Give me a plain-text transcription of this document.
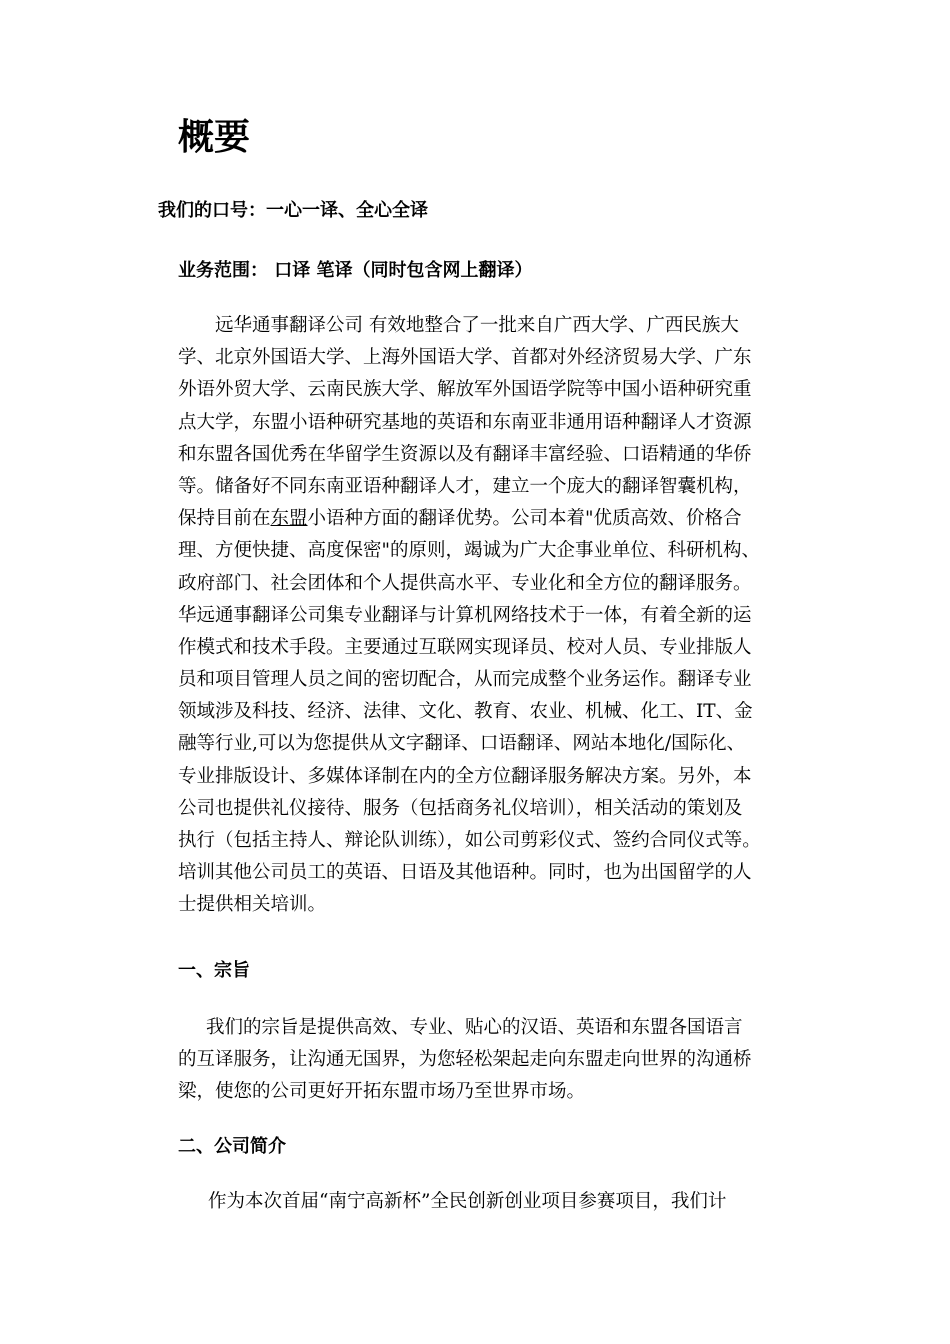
概要
我们的口号：一心一译、全心全译
业务范围： 口译 笔译（同时包含网上翻译）
远华通事翻译公司 有效地整合了一批来自广西大学、广西民族大
学、北京外国语大学、上海外国语大学、首都对外经济贸易大学、广东
外语外贸大学、云南民族大学、解放军外国语学院等中国小语种研究重
点大学，东盟小语种研究基地的英语和东南亚非通用语种翻译人才资源
和东盟各国优秀在华留学生资源以及有翻译丰富经验、口语精通的华侨
等。储备好不同东南亚语种翻译人才，建立一个庞大的翻译智囊机构，
保持目前在东盟小语种方面的翻译优势。公司本着"优质高效、价格合
理、方便快捷、高度保密"的原则，竭诚为广大企事业单位、科研机构、
政府部门、社会团体和个人提供高水平、专业化和全方位的翻译服务。
华远通事翻译公司集专业翻译与计算机网络技术于一体，有着全新的运
作模式和技术手段。主要通过互联网实现译员、校对人员、专业排版人
员和项目管理人员之间的密切配合，从而完成整个业务运作。翻译专业
领域涉及科技、经济、法律、文化、教育、农业、机械、化工、IT、金
融等行业,可以为您提供从文字翻译、口语翻译、网站本地化/国际化、
专业排版设计、多媒体译制在内的全方位翻译服务解决方案。另外，本
公司也提供礼仪接待、服务（包括商务礼仪培训），相关活动的策划及
执行（包括主持人、辩论队训练），如公司剪彩仪式、签约合同仪式等。
培训其他公司员工的英语、日语及其他语种。同时，也为出国留学的人
士提供相关培训。
一、宗旨
我们的宗旨是提供高效、专业、贴心的汉语、英语和东盟各国语言
的互译服务，让沟通无国界，为您轻松架起走向东盟走向世界的沟通桥
梁，使您的公司更好开拓东盟市场乃至世界市场。
二、公司简介
作为本次首届“南宁高新杯”全民创新创业项目参赛项目，我们计
